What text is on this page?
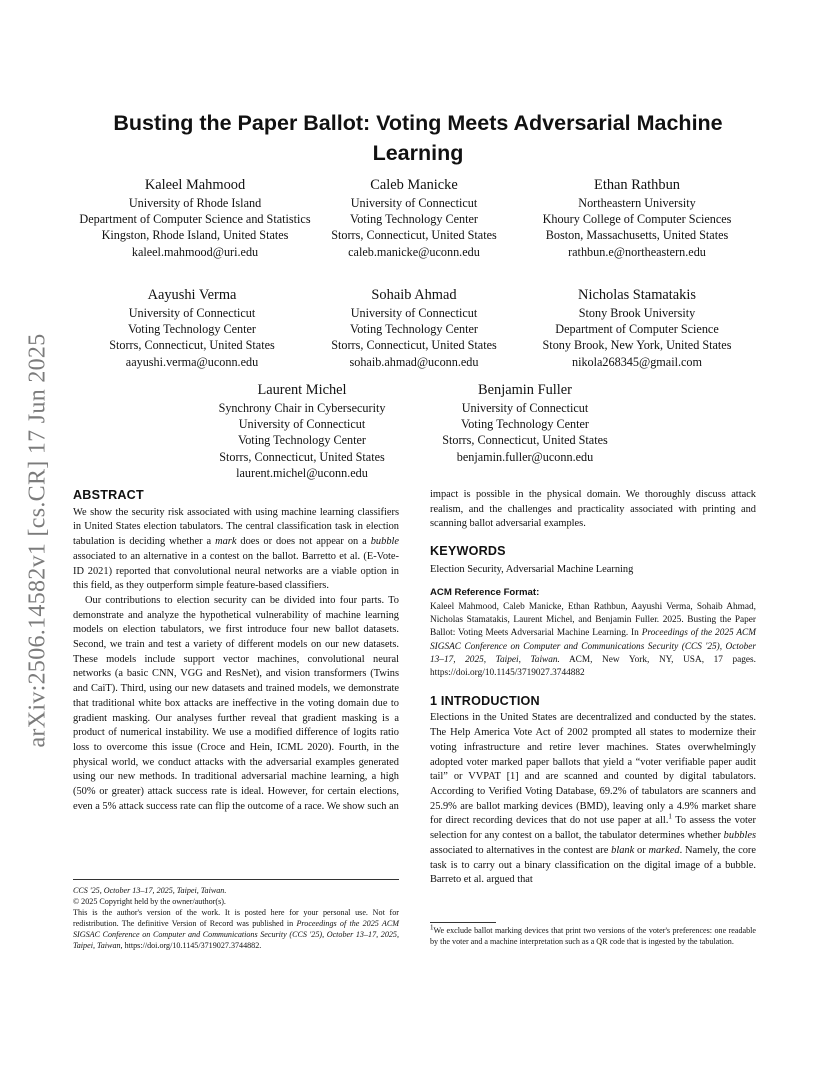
arXiv:2506.14582v1 [cs.CR] 17 Jun 2025
Busting the Paper Ballot: Voting Meets Adversarial Machine Learning
Kaleel Mahmood
University of Rhode Island
Department of Computer Science and Statistics
Kingston, Rhode Island, United States
kaleel.mahmood@uri.edu
Caleb Manicke
University of Connecticut
Voting Technology Center
Storrs, Connecticut, United States
caleb.manicke@uconn.edu
Ethan Rathbun
Northeastern University
Khoury College of Computer Sciences
Boston, Massachusetts, United States
rathbun.e@northeastern.edu
Aayushi Verma
University of Connecticut
Voting Technology Center
Storrs, Connecticut, United States
aayushi.verma@uconn.edu
Sohaib Ahmad
University of Connecticut
Voting Technology Center
Storrs, Connecticut, United States
sohaib.ahmad@uconn.edu
Nicholas Stamatakis
Stony Brook University
Department of Computer Science
Stony Brook, New York, United States
nikola268345@gmail.com
Laurent Michel
Synchrony Chair in Cybersecurity
University of Connecticut
Voting Technology Center
Storrs, Connecticut, United States
laurent.michel@uconn.edu
Benjamin Fuller
University of Connecticut
Voting Technology Center
Storrs, Connecticut, United States
benjamin.fuller@uconn.edu
ABSTRACT

We show the security risk associated with using machine learning classifiers in United States election tabulators. The central classification task in election tabulation is deciding whether a mark does or does not appear on a bubble associated to an alternative in a contest on the ballot. Barretto et al. (E-Vote-ID 2021) reported that convolutional neural networks are a viable option in this field, as they outperform simple feature-based classifiers.

Our contributions to election security can be divided into four parts. To demonstrate and analyze the hypothetical vulnerability of machine learning models on election tabulators, we first introduce four new ballot datasets. Second, we train and test a variety of different models on our new datasets. These models include support vector machines, convolutional neural networks (a basic CNN, VGG and ResNet), and vision transformers (Twins and CaiT). Third, using our new datasets and trained models, we demonstrate that traditional white box attacks are ineffective in the voting domain due to gradient masking. Our analyses further reveal that gradient masking is a product of numerical instability. We use a modified difference of logits ratio loss to overcome this issue (Croce and Hein, ICML 2020). Fourth, in the physical world, we conduct attacks with the adversarial examples generated using our new methods. In traditional adversarial machine learning, a high (50% or greater) attack success rate is ideal. However, for certain elections, even a 5% attack success rate can flip the outcome of a race. We show such an

CCS '25, October 13–17, 2025, Taipei, Taiwan.

© 2025 Copyright held by the owner/author(s).

This is the author's version of the work. It is posted here for your personal use. Not for redistribution. The definitive Version of Record was published in Proceedings of the 2025 ACM SIGSAC Conference on Computer and Communications Security (CCS '25), October 13–17, 2025, Taipei, Taiwan, https://doi.org/10.1145/3719027.3744882.

impact is possible in the physical domain. We thoroughly discuss attack realism, and the challenges and practicality associated with printing and scanning ballot adversarial examples.

KEYWORDS

Election Security, Adversarial Machine Learning

ACM Reference Format:

Kaleel Mahmood, Caleb Manicke, Ethan Rathbun, Aayushi Verma, Sohaib Ahmad, Nicholas Stamatakis, Laurent Michel, and Benjamin Fuller. 2025. Busting the Paper Ballot: Voting Meets Adversarial Machine Learning. In Proceedings of the 2025 ACM SIGSAC Conference on Computer and Communications Security (CCS '25), October 13–17, 2025, Taipei, Taiwan. ACM, New York, NY, USA, 17 pages. https://doi.org/10.1145/3719027.3744882

1 INTRODUCTION

Elections in the United States are decentralized and conducted by the states. The Help America Vote Act of 2002 prompted all states to modernize their voting infrastructure and retire lever machines. States overwhelmingly adopted voter marked paper ballots that yield a “voter verifiable paper audit tail” or VVPAT [1] and are scanned and counted by digital tabulators. According to Verified Voting Database, 69.2% of tabulators are scanners and 25.9% are ballot marking devices (BMD), leaving only a 4.9% market share for direct recording devices that do not use paper at all.$^1$ To assess the voter selection for any contest on a ballot, the tabulator determines whether bubbles associated to alternatives in the contest are blank or marked. Namely, the core task is to carry out a binary classification on the digital image of a bubble. Barreto et al. argued that

$^1$We exclude ballot marking devices that print two versions of the voter's preferences: one readable by the voter and a machine interpretation such as a QR code that is ingested by the tabulation.
